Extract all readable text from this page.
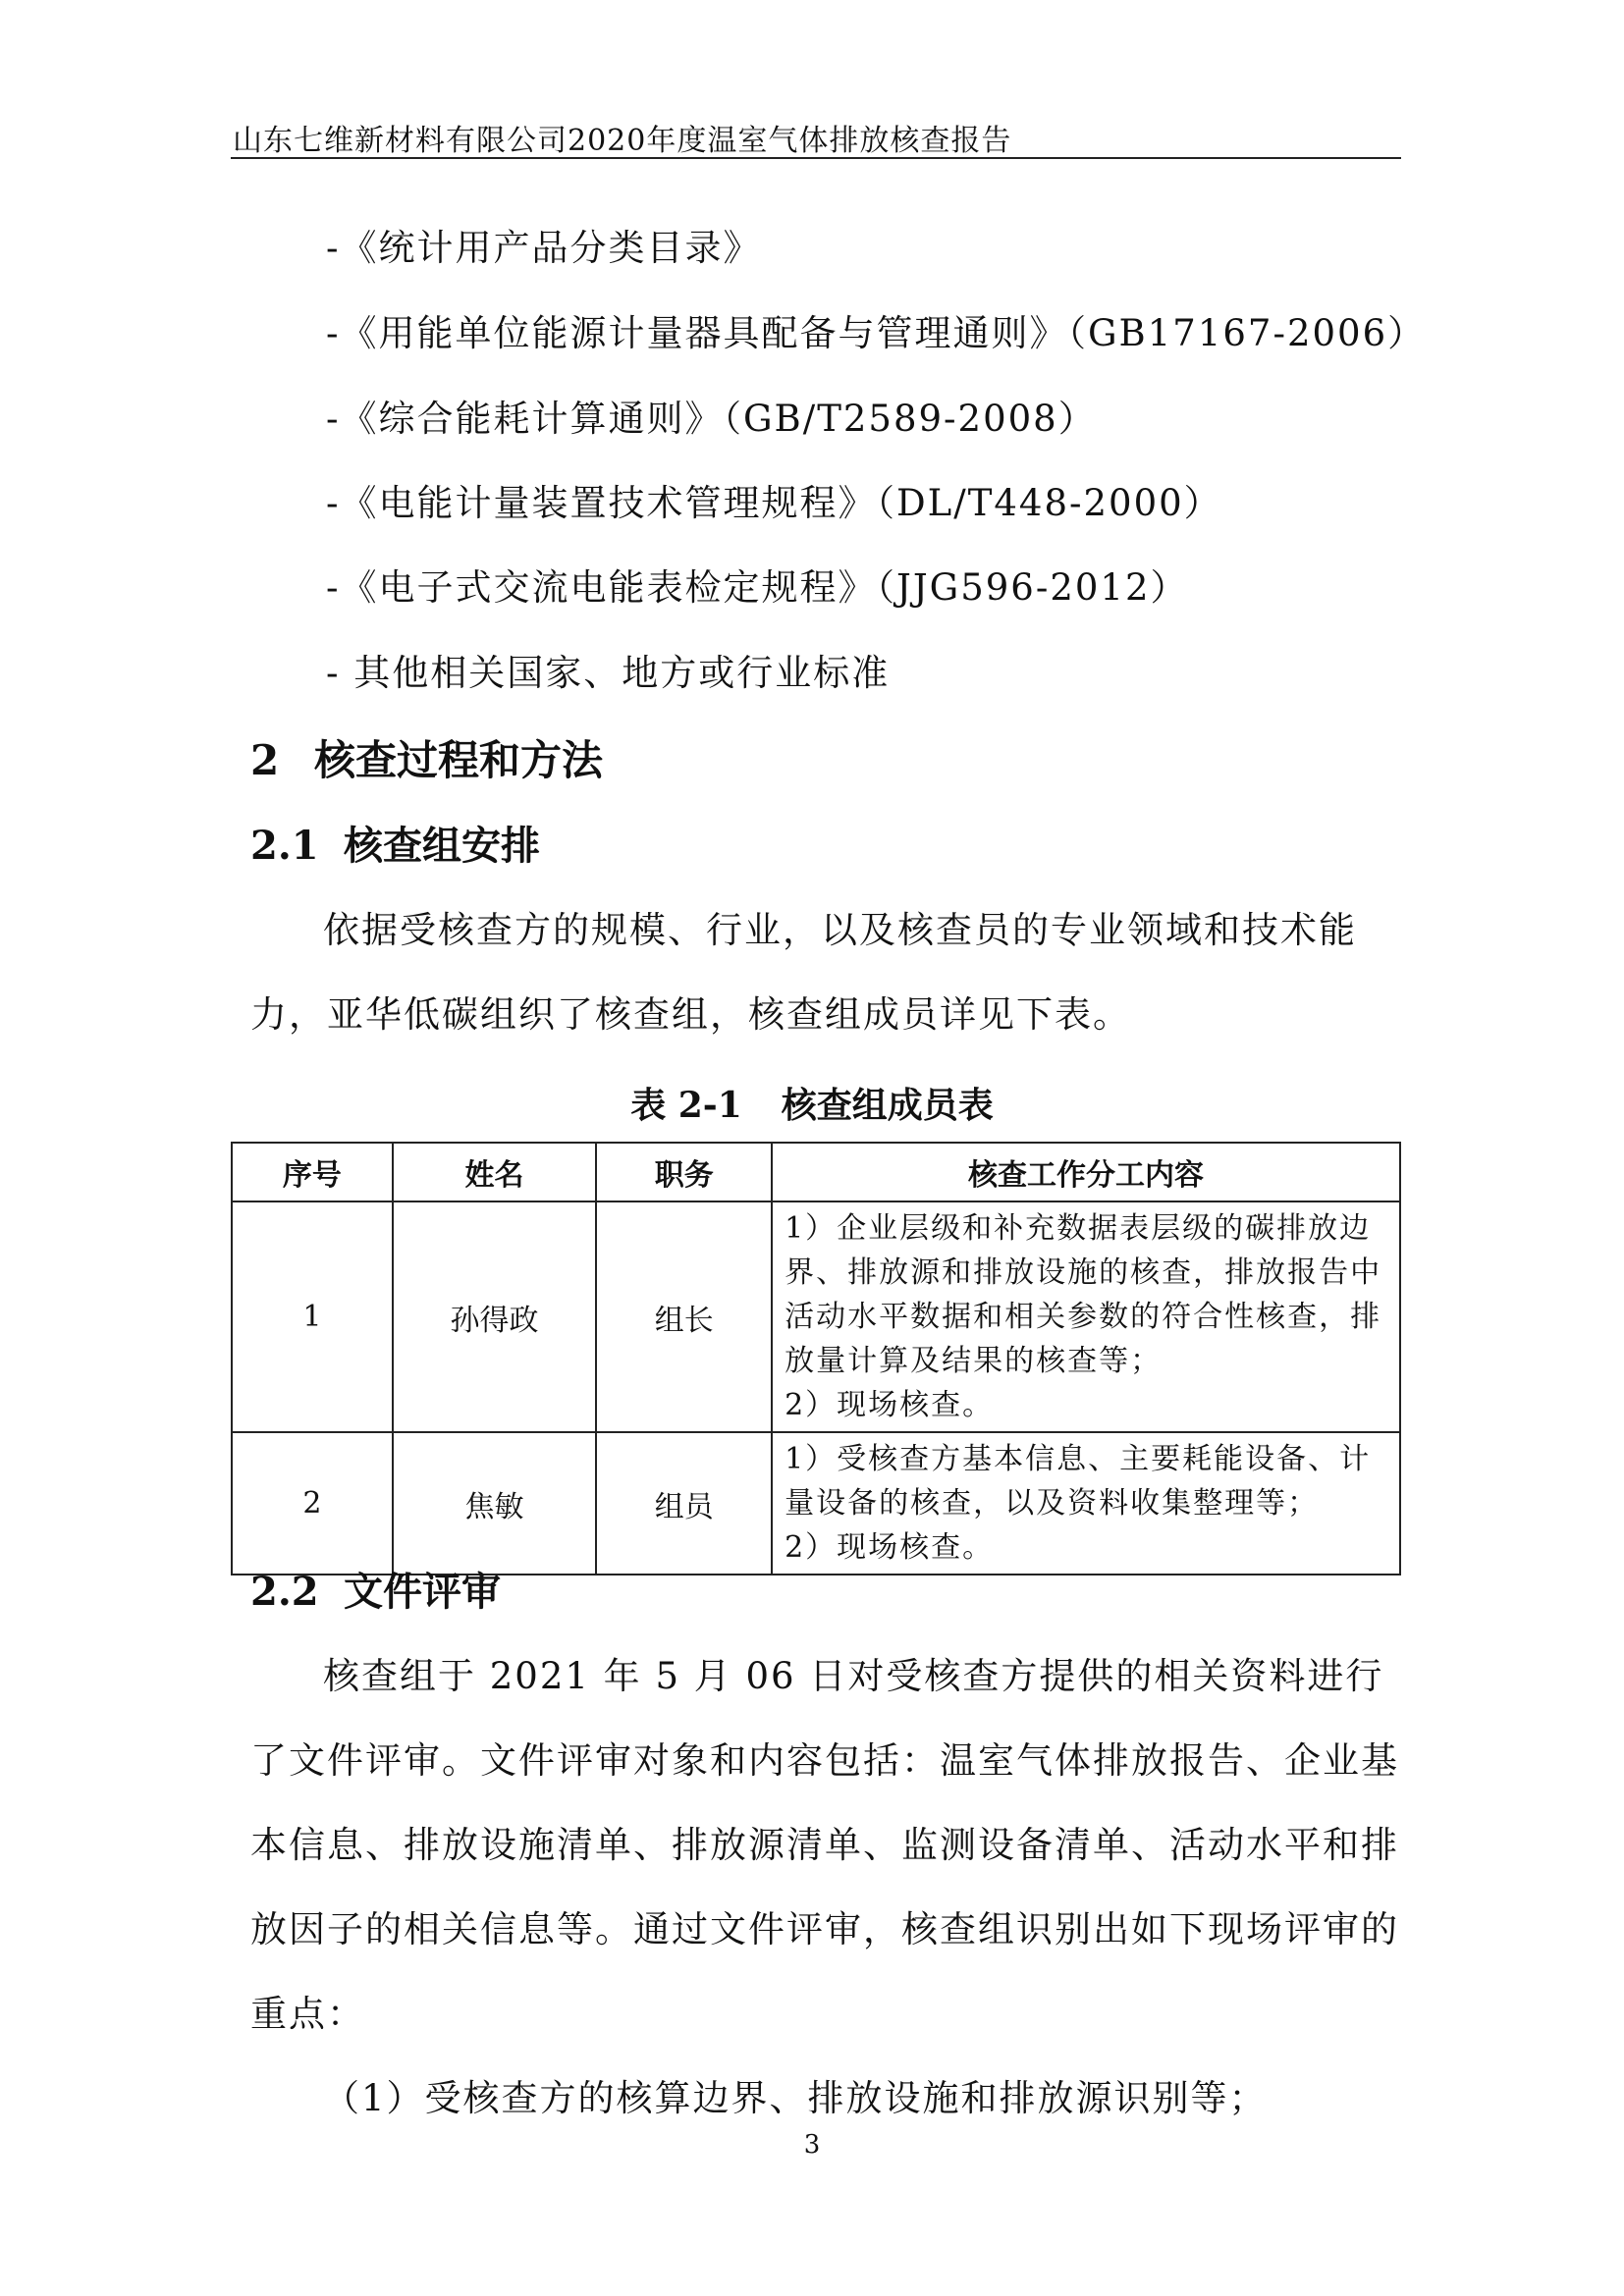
山东七维新材料有限公司2020年度温室气体排放核查报告
-《统计用产品分类目录》
-《用能单位能源计量器具配备与管理通则》（GB17167-2006）
-《综合能耗计算通则》（GB/T2589-2008）
-《电能计量装置技术管理规程》（DL/T448-2000）
-《电子式交流电能表检定规程》（JJG596-2012）
- 其他相关国家、地方或行业标准
2 核查过程和方法
2.1 核查组安排

依据受核查方的规模、行业，以及核查员的专业领域和技术能力，亚华低碳组织了核查组，核查组成员详见下表。

表 2-1 核查组成员表
序号	姓名	职务	核查工作分工内容
1	孙得政	组长	1）企业层级和补充数据表层级的碳排放边界、排放源和排放设施的核查，排放报告中活动水平数据和相关参数的符合性核查，排放量计算及结果的核查等；
2）现场核查。

2	焦敏	组员	1）受核查方基本信息、主要耗能设备、计量设备的核查，以及资料收集整理等；
2）现场核查。
2.2 文件评审

核查组于 2021 年 5 月 06 日对受核查方提供的相关资料进行了文件评审。文件评审对象和内容包括：温室气体排放报告、企业基本信息、排放设施清单、排放源清单、监测设备清单、活动水平和排放因子的相关信息等。通过文件评审，核查组识别出如下现场评审的重点：

（1）受核查方的核算边界、排放设施和排放源识别等；

3
